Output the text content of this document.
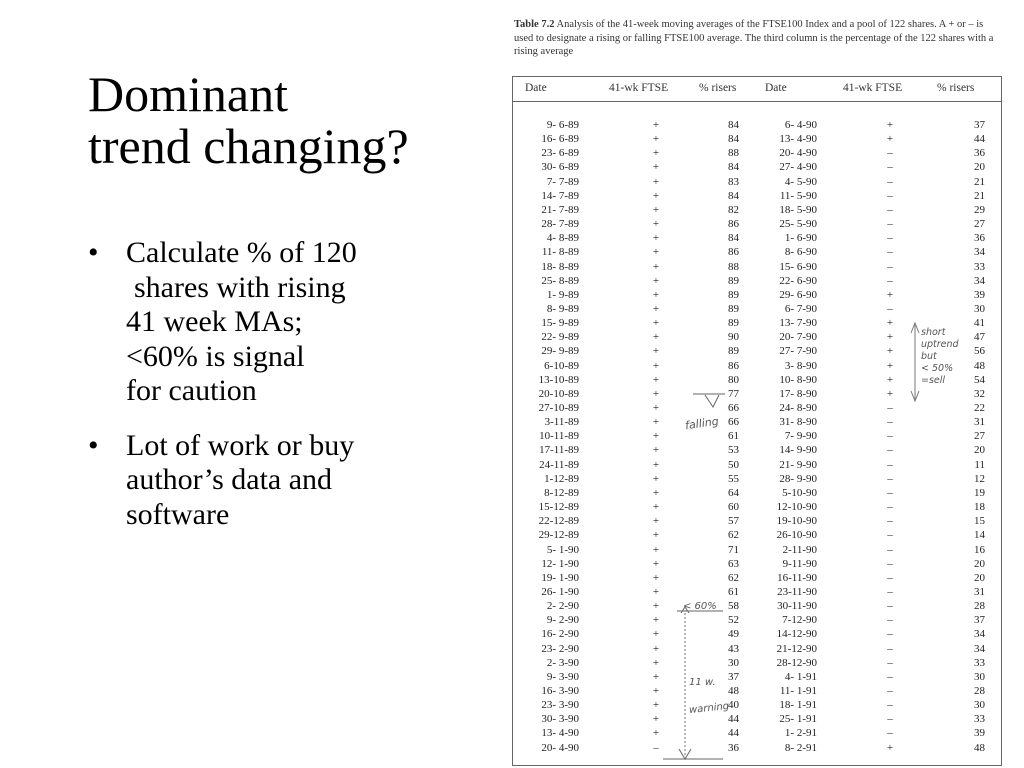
Dominant
trend changing?
• Calculate % of 120
shares with rising
41 week MAs;
<60% is signal
for caution
• Lot of work or buy
author’s data and
software
Table 7.2 Analysis of the 41-week moving averages of the FTSE100 Index and a pool of 122 shares. A + or – is used to designate a rising or falling FTSE100 average. The third column is the percentage of the 122 shares with a rising average
Date	41-wk FTSE	% risers Date	41-wk FTSE	% risers
9- 6-89	+	84	6- 4-90	+	37
16- 6-89	+	84	13- 4-90	+	44
23- 6-89	+	88	20- 4-90	–	36
30- 6-89	+	84	27- 4-90	–	20
7- 7-89	+	83	4- 5-90	–	21
14- 7-89	+	84	11- 5-90	–	21
21- 7-89	+	82	18- 5-90	–	29
28- 7-89	+	86	25- 5-90	–	27
4- 8-89	+	84	1- 6-90	–	36
11- 8-89	+	86	8- 6-90	–	34
18- 8-89	+	88	15- 6-90	–	33
25- 8-89	+	89	22- 6-90	–	34
1- 9-89	+	89	29- 6-90	+	39
8- 9-89	+	89	6- 7-90	–	30
15- 9-89	+	89	13- 7-90	+	41
22- 9-89	+	90	20- 7-90	+	47
29- 9-89	+	89	27- 7-90	+	56
6-10-89	+	86	3- 8-90	+	48
13-10-89	+	80	10- 8-90	+	54
20-10-89	+	77	17- 8-90	+	32
27-10-89	+	66	24- 8-90	–	22
3-11-89	+	66	31- 8-90	–	31
10-11-89	+	61	7- 9-90	–	27
17-11-89	+	53	14- 9-90	–	20
24-11-89	+	50	21- 9-90	–	11
1-12-89	+	55	28- 9-90	–	12
8-12-89	+	64	5-10-90	–	19
15-12-89	+	60	12-10-90	–	18
22-12-89	+	57	19-10-90	–	15
29-12-89	+	62	26-10-90	–	14
5- 1-90	+	71	2-11-90	–	16
12- 1-90	+	63	9-11-90	–	20
19- 1-90	+	62	16-11-90	–	20
26- 1-90	+	61	23-11-90	–	31
2- 2-90	+	58	30-11-90	–	28
9- 2-90	+	52	7-12-90	–	37
16- 2-90	+	49	14-12-90	–	34
23- 2-90	+	43	21-12-90	–	34
2- 3-90	+	30	28-12-90	–	33
9- 3-90	+	37	4- 1-91	–	30
16- 3-90	+	48	11- 1-91	–	28
23- 3-90	+	40	18- 1-91	–	30
30- 3-90	+	44	25- 1-91	–	33
13- 4-90	+	44	1- 2-91	–	39
20- 4-90	–	36	8- 2-91	+	48
falling
< 60%
11 w.
warning
short
uptrend
but
< 50%
=sell
